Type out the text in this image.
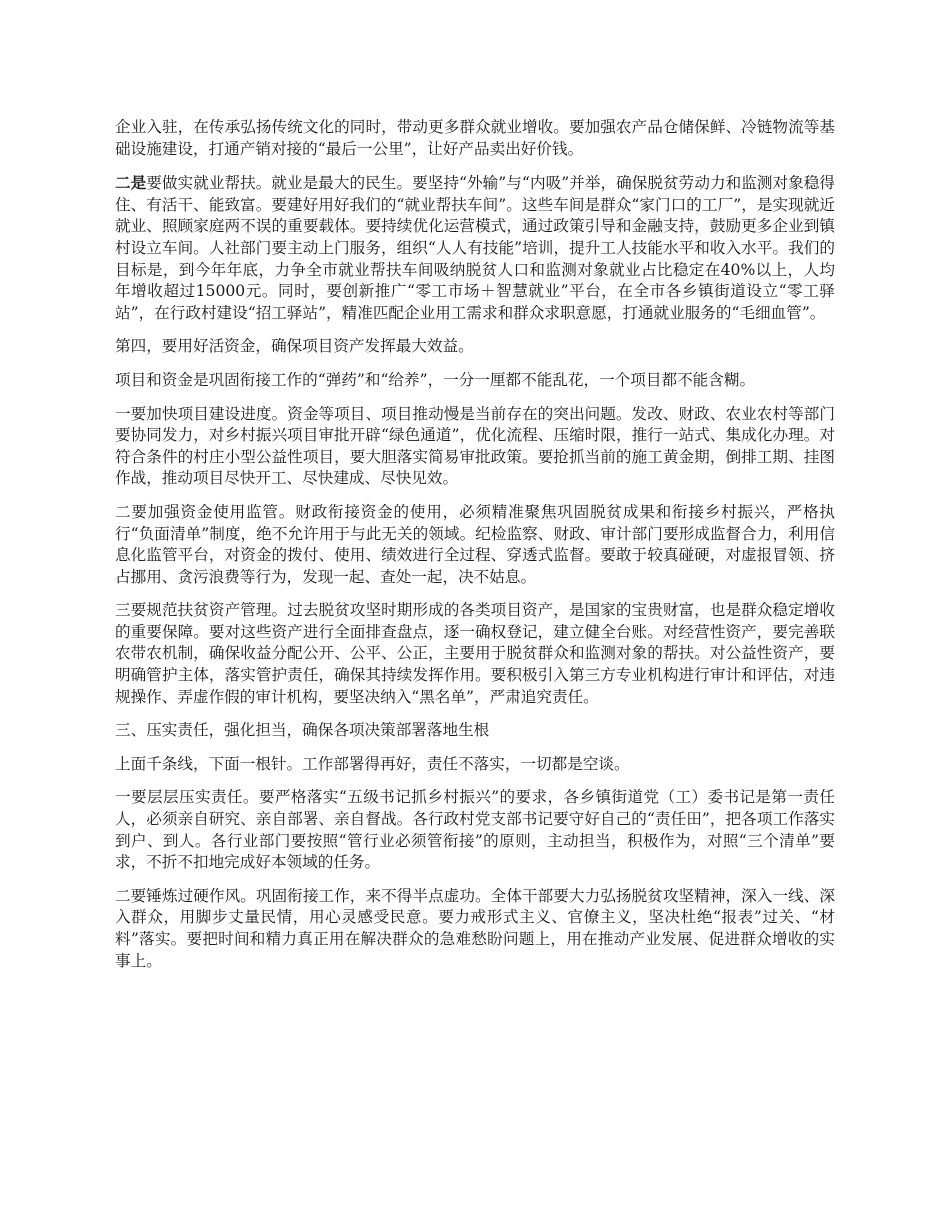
企业入驻，在传承弘扬传统文化的同时，带动更多群众就业增收。要加强农产品仓储保鲜、冷链物流等基础设施建设，打通产销对接的“最后一公里”，让好产品卖出好价钱。

二是要做实就业帮扶。就业是最大的民生。要坚持“外输”与“内吸”并举，确保脱贫劳动力和监测对象稳得住、有活干、能致富。要建好用好我们的“就业帮扶车间”。这些车间是群众“家门口的工厂”，是实现就近就业、照顾家庭两不误的重要载体。要持续优化运营模式，通过政策引导和金融支持，鼓励更多企业到镇村设立车间。人社部门要主动上门服务，组织“人人有技能”培训，提升工人技能水平和收入水平。我们的目标是，到今年年底，力争全市就业帮扶车间吸纳脱贫人口和监测对象就业占比稳定在40%以上，人均年增收超过15000元。同时，要创新推广“零工市场＋智慧就业”平台，在全市各乡镇街道设立“零工驿站”，在行政村建设“招工驿站”，精准匹配企业用工需求和群众求职意愿，打通就业服务的“毛细血管”。

第四，要用好活资金，确保项目资产发挥最大效益。

项目和资金是巩固衔接工作的“弹药”和“给养”，一分一厘都不能乱花，一个项目都不能含糊。

一要加快项目建设进度。资金等项目、项目推动慢是当前存在的突出问题。发改、财政、农业农村等部门要协同发力，对乡村振兴项目审批开辟“绿色通道”，优化流程、压缩时限，推行一站式、集成化办理。对符合条件的村庄小型公益性项目，要大胆落实简易审批政策。要抢抓当前的施工黄金期，倒排工期、挂图作战，推动项目尽快开工、尽快建成、尽快见效。

二要加强资金使用监管。财政衔接资金的使用，必须精准聚焦巩固脱贫成果和衔接乡村振兴，严格执行“负面清单”制度，绝不允许用于与此无关的领域。纪检监察、财政、审计部门要形成监督合力，利用信息化监管平台，对资金的拨付、使用、绩效进行全过程、穿透式监督。要敢于较真碰硬，对虚报冒领、挤占挪用、贪污浪费等行为，发现一起、查处一起，决不姑息。

三要规范扶贫资产管理。过去脱贫攻坚时期形成的各类项目资产，是国家的宝贵财富，也是群众稳定增收的重要保障。要对这些资产进行全面排查盘点，逐一确权登记，建立健全台账。对经营性资产，要完善联农带农机制，确保收益分配公开、公平、公正，主要用于脱贫群众和监测对象的帮扶。对公益性资产，要明确管护主体，落实管护责任，确保其持续发挥作用。要积极引入第三方专业机构进行审计和评估，对违规操作、弄虚作假的审计机构，要坚决纳入“黑名单”，严肃追究责任。

三、压实责任，强化担当，确保各项决策部署落地生根

上面千条线，下面一根针。工作部署得再好，责任不落实，一切都是空谈。

一要层层压实责任。要严格落实“五级书记抓乡村振兴”的要求，各乡镇街道党（工）委书记是第一责任人，必须亲自研究、亲自部署、亲自督战。各行政村党支部书记要守好自己的“责任田”，把各项工作落实到户、到人。各行业部门要按照“管行业必须管衔接”的原则，主动担当，积极作为，对照“三个清单”要求，不折不扣地完成好本领域的任务。

二要锤炼过硬作风。巩固衔接工作，来不得半点虚功。全体干部要大力弘扬脱贫攻坚精神，深入一线、深入群众，用脚步丈量民情，用心灵感受民意。要力戒形式主义、官僚主义，坚决杜绝“报表”过关、“材料”落实。要把时间和精力真正用在解决群众的急难愁盼问题上，用在推动产业发展、促进群众增收的实事上。
